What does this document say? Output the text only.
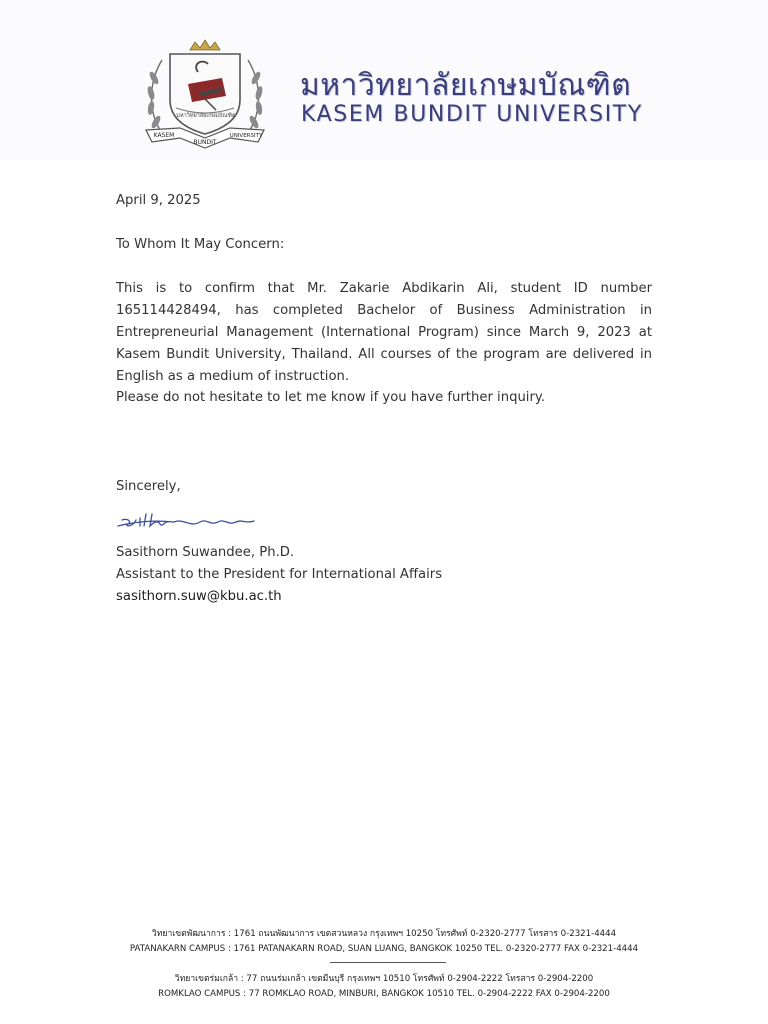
มหาวิทยาลัยเกษมบัณฑิต
KASEM
BUNDIT
UNIVERSITY
มหาวิทยาลัยเกษมบัณฑิต
KASEM BUNDIT UNIVERSITY
April 9, 2025
To Whom It May Concern:
This is to confirm that Mr. Zakarie Abdikarin Ali, student ID number 165114428494, has completed Bachelor of Business Administration in Entrepreneurial Management (International Program) since March 9, 2023 at Kasem Bundit University, Thailand. All courses of the program are delivered in English as a medium of instruction.
Please do not hesitate to let me know if you have further inquiry.
Sincerely,
Sasithorn Suwandee, Ph.D.
Assistant to the President for International Affairs
sasithorn.suw@kbu.ac.th
วิทยาเขตพัฒนาการ : 1761 ถนนพัฒนาการ เขตสวนหลวง กรุงเทพฯ 10250 โทรศัพท์ 0-2320-2777 โทรสาร 0-2321-4444
PATANAKARN CAMPUS : 1761 PATANAKARN ROAD, SUAN LUANG, BANGKOK 10250 TEL. 0-2320-2777 FAX 0-2321-4444
วิทยาเขตร่มเกล้า : 77 ถนนร่มเกล้า เขตมีนบุรี กรุงเทพฯ 10510 โทรศัพท์ 0-2904-2222 โทรสาร 0-2904-2200
ROMKLAO CAMPUS : 77 ROMKLAO ROAD, MINBURI, BANGKOK 10510 TEL. 0-2904-2222 FAX 0-2904-2200
